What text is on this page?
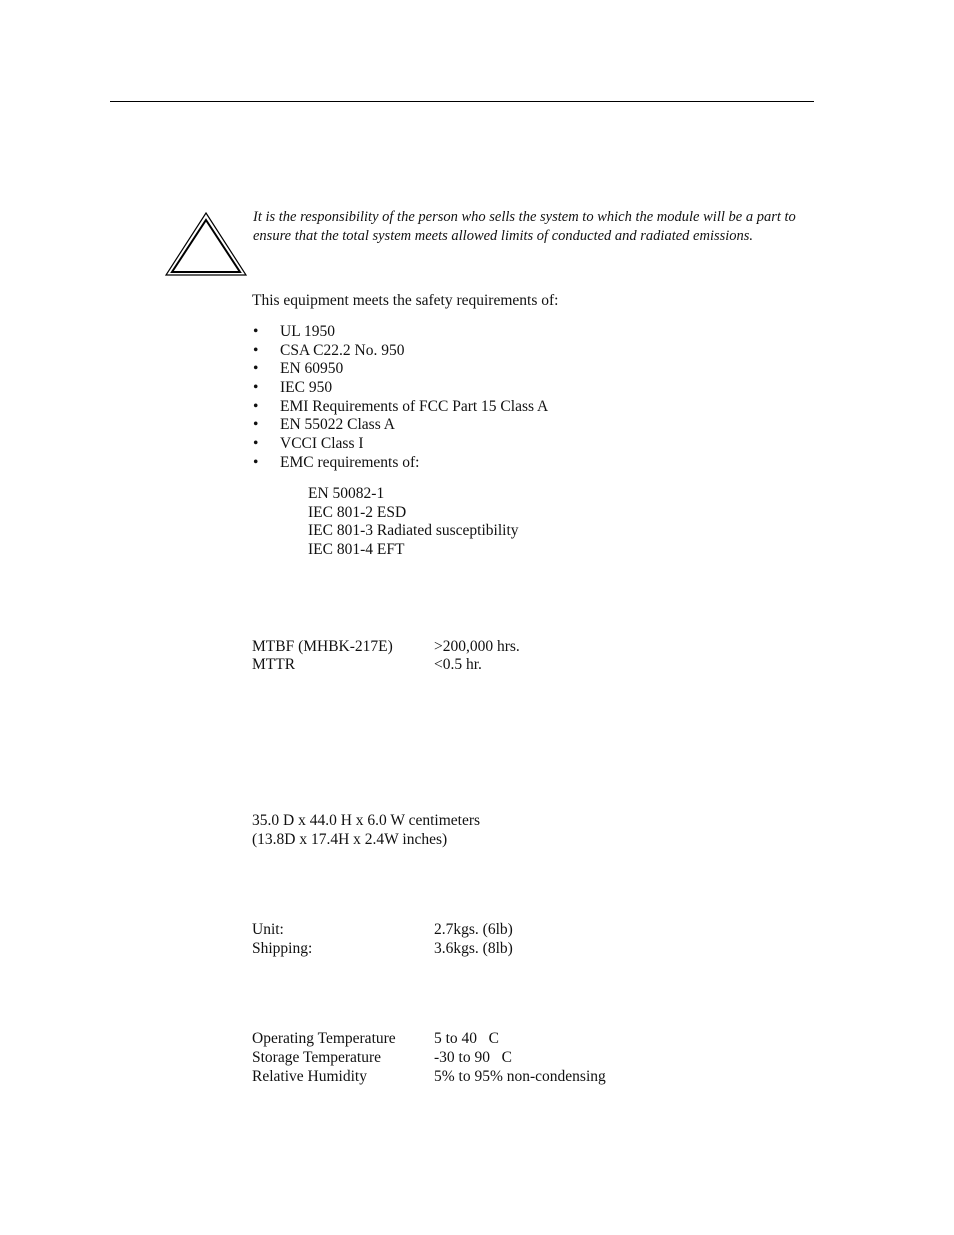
It is the responsibility of the person who sells the system to which the module will be a part to ensure that the total system meets allowed limits of conducted and radiated emissions.
This equipment meets the safety requirements of:
• UL 1950
• CSA C22.2 No. 950
• EN 60950
• IEC 950
• EMI Requirements of FCC Part 15 Class A
• EN 55022 Class A
• VCCI Class I
• EMC requirements of:
EN 50082-1
IEC 801-2 ESD
IEC 801-3 Radiated susceptibility
IEC 801-4 EFT
MTBF (MHBK-217E)	>200,000 hrs.
MTTR	<0.5 hr.
35.0 D x 44.0 H x 6.0 W centimeters
(13.8D x 17.4H x 2.4W inches)
Unit:	2.7kgs. (6lb)
Shipping:	3.6kgs. (8lb)
Operating Temperature 5 to 40   C
Storage Temperature	-30 to 90   C
Relative Humidity	5% to 95% non-condensing
